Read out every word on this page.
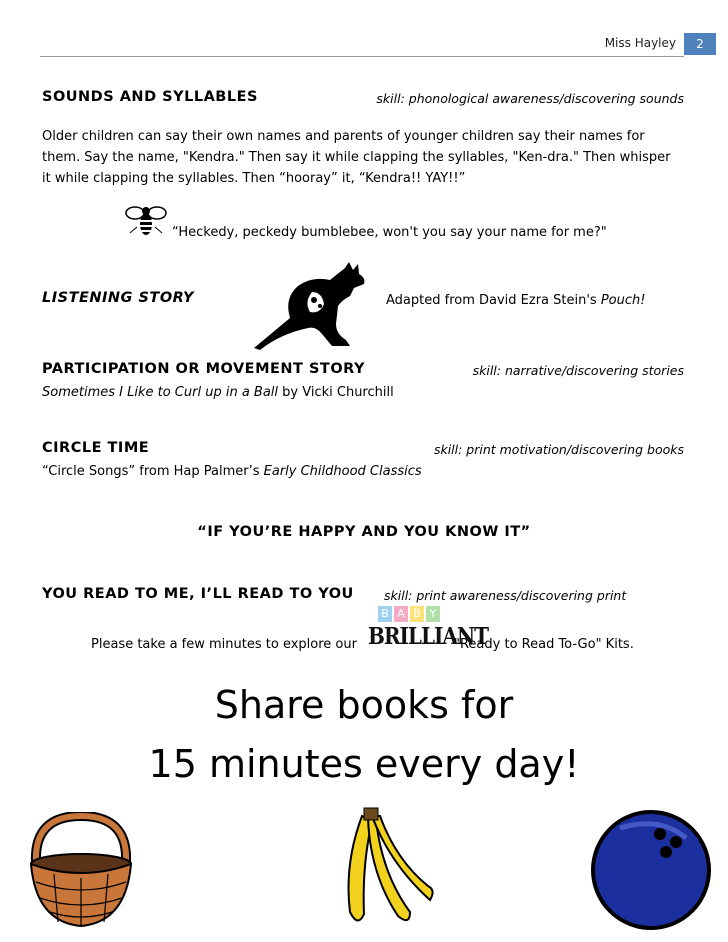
Miss Hayley	2
SOUNDS AND SYLLABLES	skill: phonological awareness/discovering sounds
Older children can say their own names and parents of younger children say their names for
them. Say the name, "Kendra." Then say it while clapping the syllables, "Ken-dra." Then whisper
it while clapping the syllables. Then “hooray” it, “Kendra!! YAY!!”
“Heckedy, peckedy bumblebee, won't you say your name for me?"
LISTENING STORY	Adapted from David Ezra Stein's Pouch!
PARTICIPATION OR MOVEMENT STORY	skill: narrative/discovering stories
Sometimes I Like to Curl up in a Ball by Vicki Churchill
CIRCLE TIME	skill: print motivation/discovering books
“Circle Songs” from Hap Palmer’s Early Childhood Classics
“IF YOU’RE HAPPY AND YOU KNOW IT”
YOU READ TO ME, I’LL READ TO YOU skill: print awareness/discovering print
Please take a few minutes to explore our
B A B Y
BRILLIANT
"Ready to Read To-Go" Kits.
Share books for
15 minutes every day!
